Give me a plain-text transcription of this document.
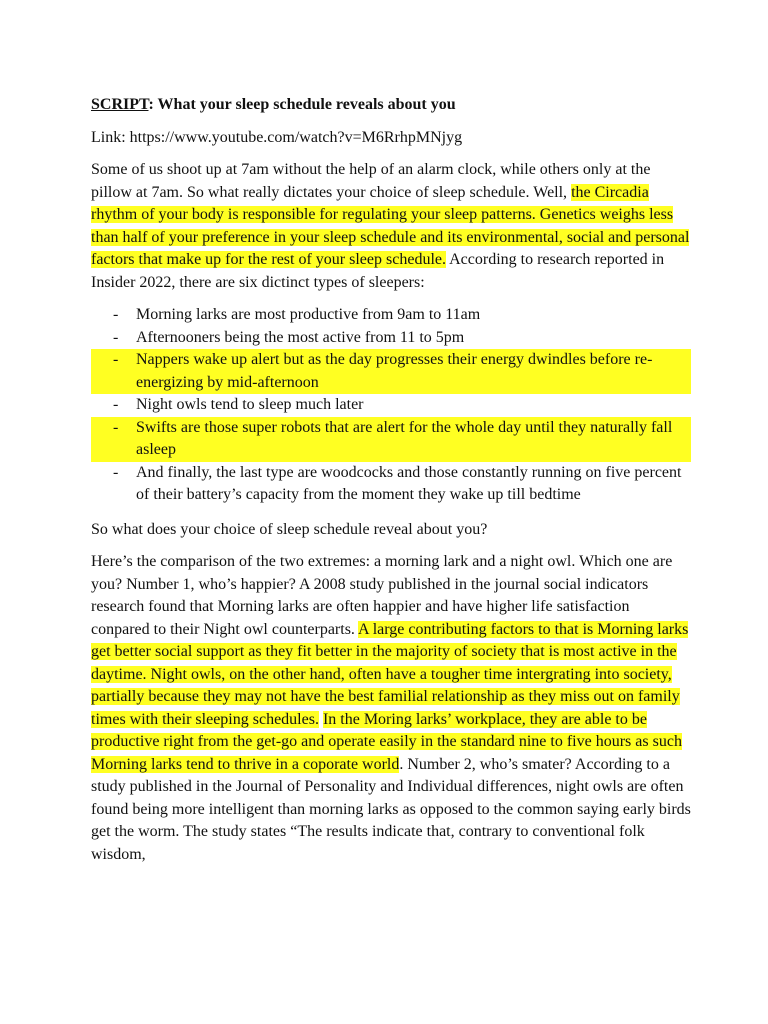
SCRIPT: What your sleep schedule reveals about you

Link: https://www.youtube.com/watch?v=M6RrhpMNjyg

Some of us shoot up at 7am without the help of an alarm clock, while others only at the pillow at 7am. So what really dictates your choice of sleep schedule. Well, the Circadia rhythm of your body is responsible for regulating your sleep patterns. Genetics weighs less than half of your preference in your sleep schedule and its environmental, social and personal factors that make up for the rest of your sleep schedule. According to research reported in Insider 2022, there are six dictinct types of sleepers:

- Morning larks are most productive from 9am to 11am
- Afternooners being the most active from 11 to 5pm
- Nappers wake up alert but as the day progresses their energy dwindles before re-energizing by mid-afternoon
- Night owls tend to sleep much later
- Swifts are those super robots that are alert for the whole day until they naturally fall asleep
- And finally, the last type are woodcocks and those constantly running on five percent of their battery’s capacity from the moment they wake up till bedtime

So what does your choice of sleep schedule reveal about you?

Here’s the comparison of the two extremes: a morning lark and a night owl. Which one are you? Number 1, who’s happier? A 2008 study published in the journal social indicators research found that Morning larks are often happier and have higher life satisfaction conpared to their Night owl counterparts. A large contributing factors to that is Morning larks get better social support as they fit better in the majority of society that is most active in the daytime. Night owls, on the other hand, often have a tougher time intergrating into society, partially because they may not have the best familial relationship as they miss out on family times with their sleeping schedules. In the Moring larks’ workplace, they are able to be productive right from the get-go and operate easily in the standard nine to five hours as such Morning larks tend to thrive in a coporate world. Number 2, who’s smater? According to a study published in the Journal of Personality and Individual differences, night owls are often found being more intelligent than morning larks as opposed to the common saying early birds get the worm. The study states “The results indicate that, contrary to conventional folk wisdom,
